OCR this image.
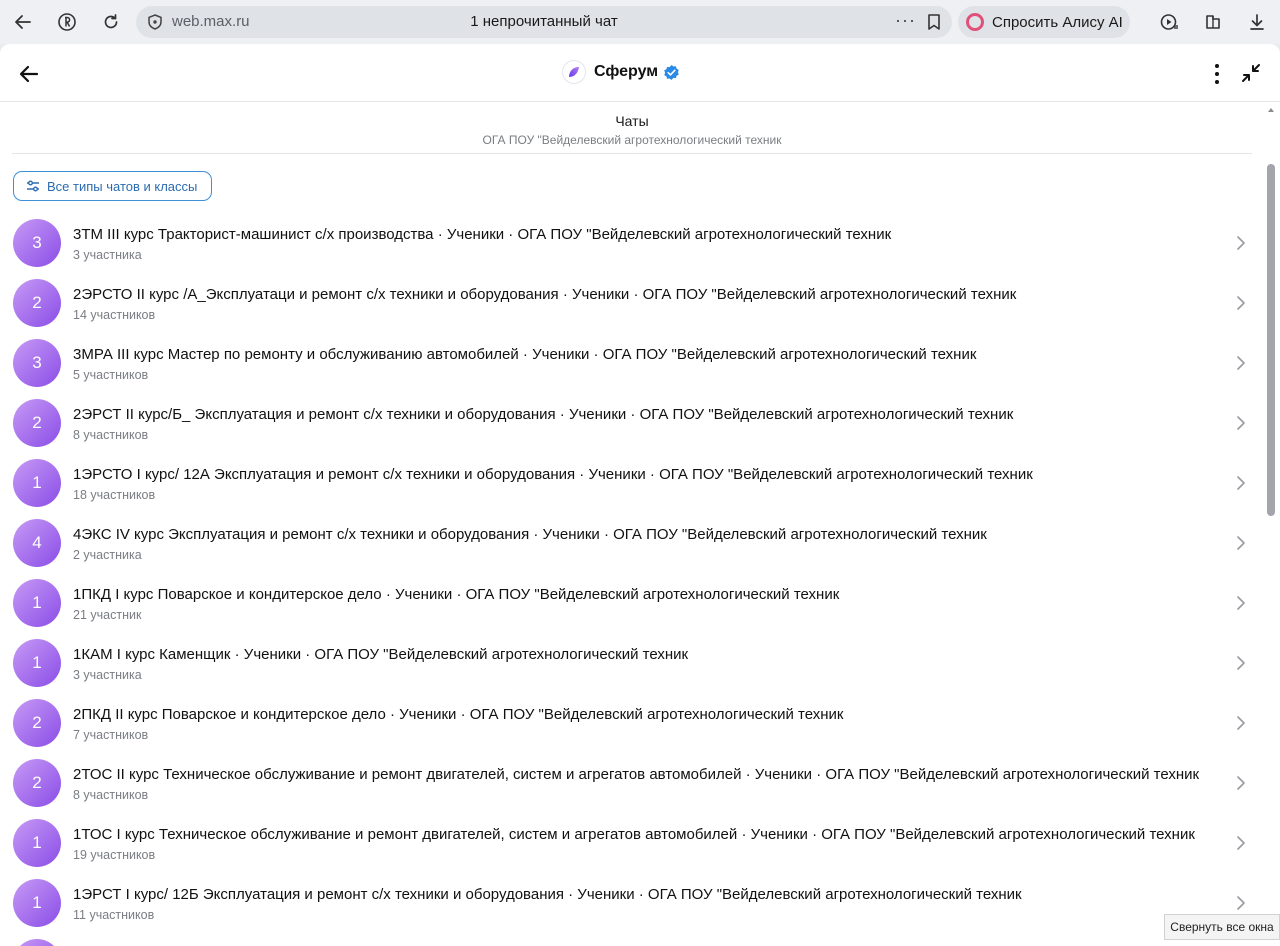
web.max.ru	1 непрочитанный чат	···	Спросить Алису AI
Сферум
Чаты
ОГА ПОУ "Вейделевский агротехнологический техник
Все типы чатов и классы
3	3ТМ III курс Тракторист-машинист с/х производства · Ученики · ОГА ПОУ "Вейделевский агротехнологический техник
3 участника
2	2ЭРСТО II курс /А_Эксплуатаци и ремонт с/х техники и оборудования · Ученики · ОГА ПОУ "Вейделевский агротехнологический техник
14 участников
3	3МРА III курс Мастер по ремонту и обслуживанию автомобилей · Ученики · ОГА ПОУ "Вейделевский агротехнологический техник
5 участников
2	2ЭРСТ II курс/Б_ Эксплуатация и ремонт с/х техники и оборудования · Ученики · ОГА ПОУ "Вейделевский агротехнологический техник
8 участников
1	1ЭРСТО I курс/ 12А Эксплуатация и ремонт с/х техники и оборудования · Ученики · ОГА ПОУ "Вейделевский агротехнологический техник
18 участников
4	4ЭКС IV курс Эксплуатация и ремонт с/х техники и оборудования · Ученики · ОГА ПОУ "Вейделевский агротехнологический техник
2 участника
1	1ПКД I курс Поварское и кондитерское дело · Ученики · ОГА ПОУ "Вейделевский агротехнологический техник
21 участник
1	1КАМ I курс Каменщик · Ученики · ОГА ПОУ "Вейделевский агротехнологический техник
3 участника
2	2ПКД II курс Поварское и кондитерское дело · Ученики · ОГА ПОУ "Вейделевский агротехнологический техник
7 участников
2	2ТОС II курс Техническое обслуживание и ремонт двигателей, систем и агрегатов автомобилей · Ученики · ОГА ПОУ "Вейделевский агротехнологический техник
8 участников
1	1ТОС I курс Техническое обслуживание и ремонт двигателей, систем и агрегатов автомобилей · Ученики · ОГА ПОУ "Вейделевский агротехнологический техник
19 участников
1	1ЭРСТ I курс/ 12Б Эксплуатация и ремонт с/х техники и оборудования · Ученики · ОГА ПОУ "Вейделевский агротехнологический техник
11 участников
Свернуть все окна
